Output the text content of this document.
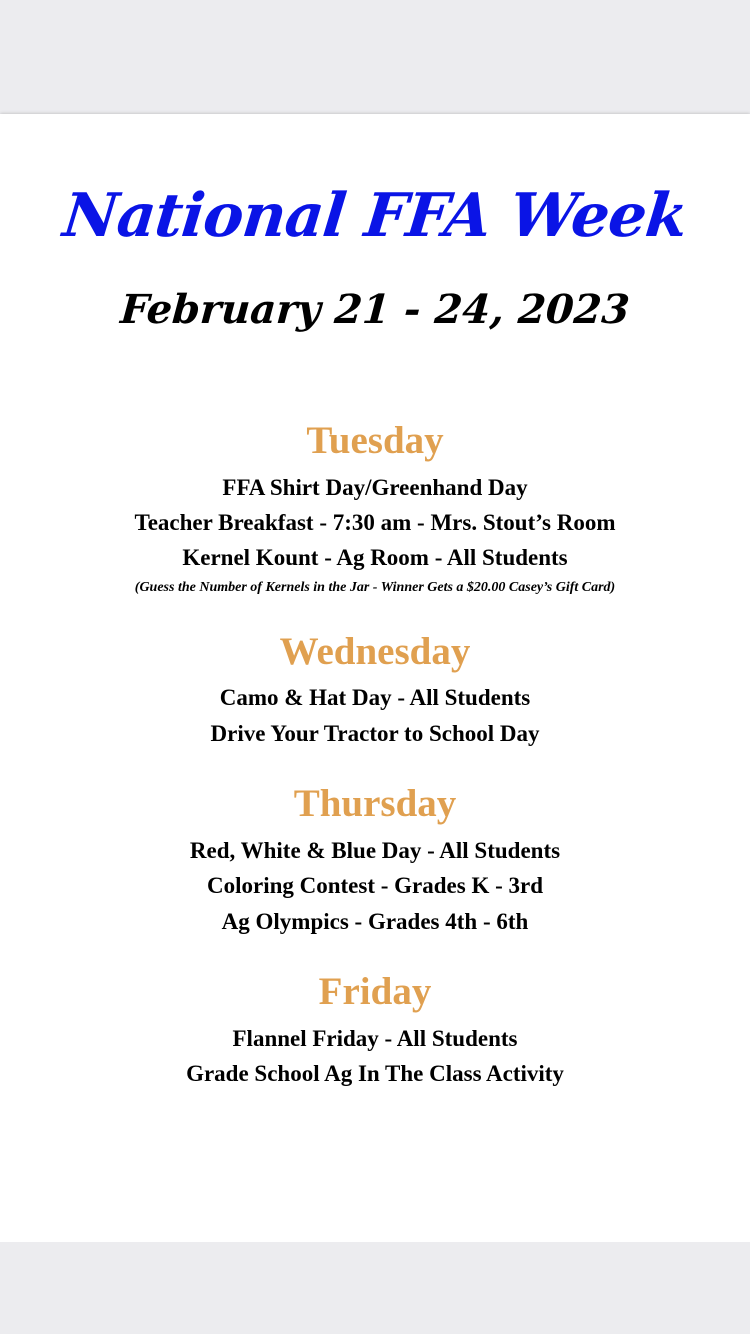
National FFA Week
February 21 - 24, 2023
Tuesday
FFA Shirt Day/Greenhand Day
Teacher Breakfast - 7:30 am - Mrs. Stout’s Room
Kernel Kount - Ag Room - All Students
(Guess the Number of Kernels in the Jar - Winner Gets a $20.00 Casey’s Gift Card)
Wednesday
Camo & Hat Day - All Students
Drive Your Tractor to School Day
Thursday
Red, White & Blue Day - All Students
Coloring Contest - Grades K - 3rd
Ag Olympics - Grades 4th - 6th
Friday
Flannel Friday - All Students
Grade School Ag In The Class Activity
